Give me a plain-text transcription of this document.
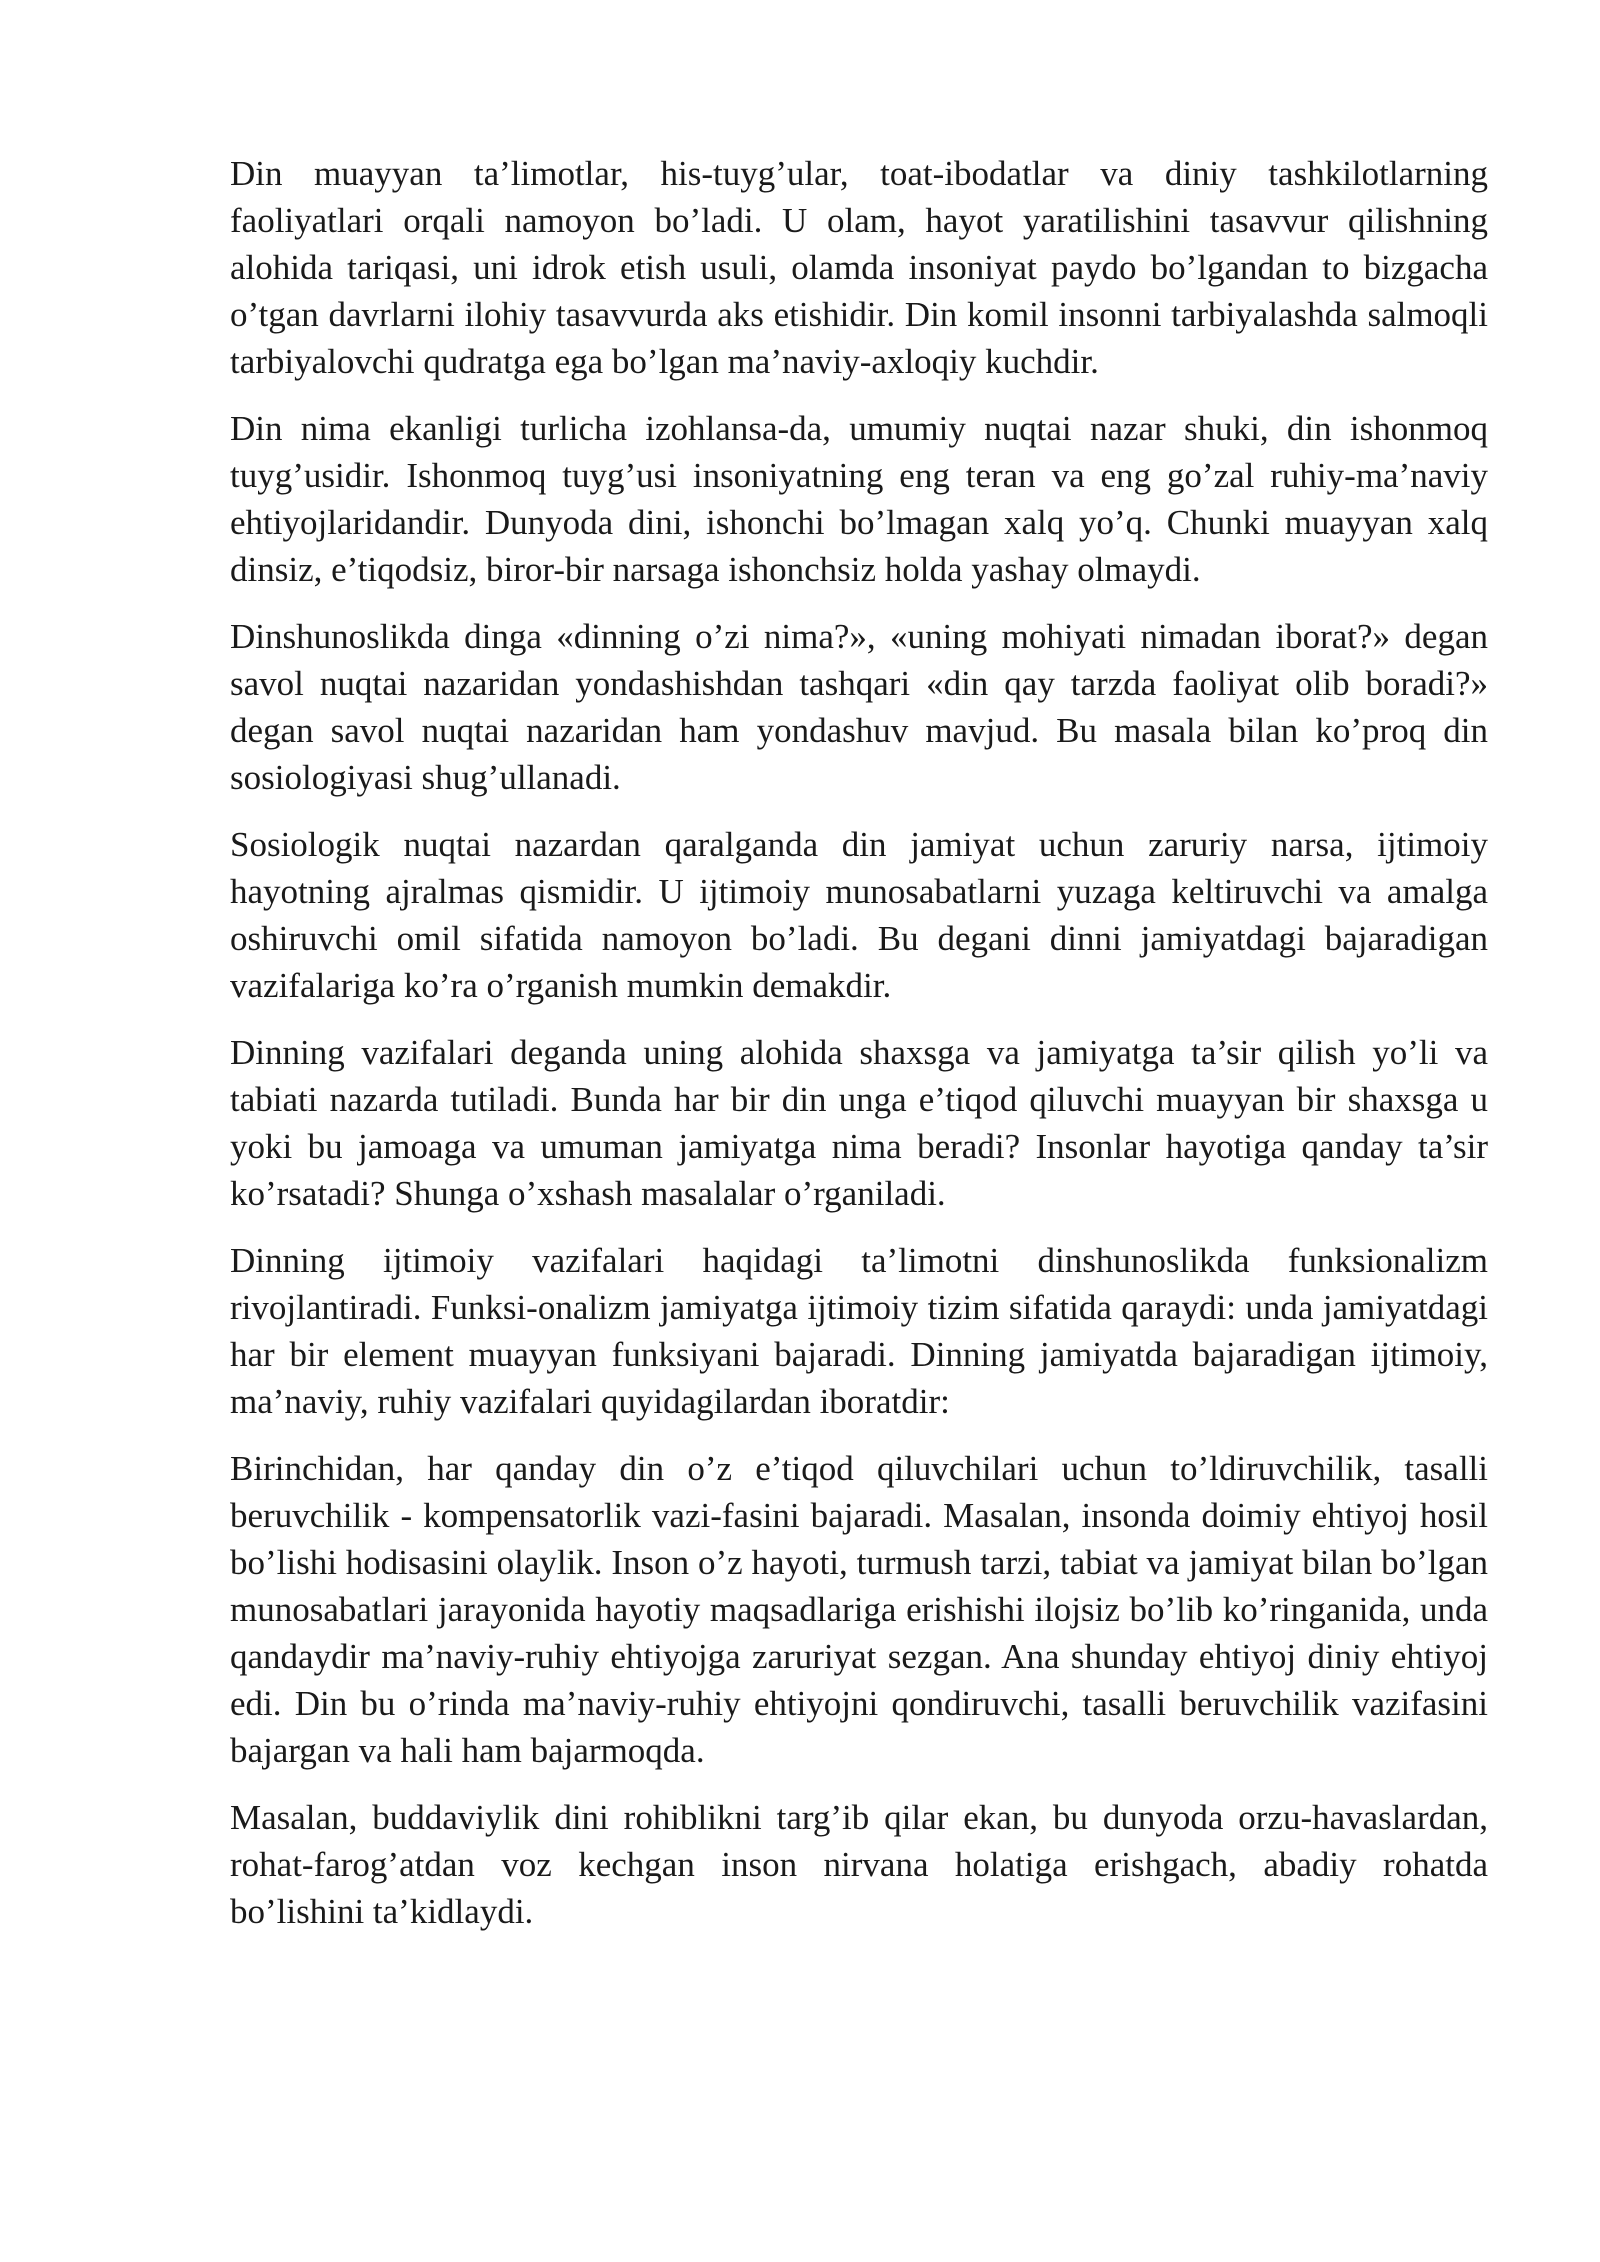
Din muayyan ta’limotlar, his-tuyg’ular, toat-ibodatlar va diniy tashkilotlarning faoliyatlari orqali namoyon bo’ladi. U olam, hayot yaratilishini tasavvur qilishning alohida tariqasi, uni idrok etish usuli, olamda insoniyat paydo bo’lgandan to bizgacha o’tgan davrlarni ilohiy tasavvurda aks etishidir. Din komil insonni tarbiyalashda salmoqli tarbiyalovchi qudratga ega bo’lgan ma’naviy-axloqiy kuchdir.

Din nima ekanligi turlicha izohlansa-da, umumiy nuqtai nazar shuki, din ishonmoq tuyg’usidir. Ishonmoq tuyg’usi insoniyatning eng teran va eng go’zal ruhiy-ma’naviy ehtiyojlaridandir. Dunyoda dini, ishonchi bo’lmagan xalq yo’q. Chunki muayyan xalq dinsiz, e’tiqodsiz, biror-bir narsaga ishonchsiz holda yashay olmaydi.

Dinshunoslikda dinga «dinning o’zi nima?», «uning mohiyati nimadan iborat?» degan savol nuqtai nazaridan yondashishdan tashqari «din qay tarzda faoliyat olib boradi?» degan savol nuqtai nazaridan ham yondashuv mavjud. Bu masala bilan ko’proq din sosiologiyasi shug’ullanadi.

Sosiologik nuqtai nazardan qaralganda din jamiyat uchun zaruriy narsa, ijtimoiy hayotning ajralmas qismidir. U ijtimoiy munosabatlarni yuzaga keltiruvchi va amalga oshiruvchi omil sifatida namoyon bo’ladi. Bu degani dinni jamiyatdagi bajaradigan vazifalariga ko’ra o’rganish mumkin demakdir.

Dinning vazifalari deganda uning alohida shaxsga va jamiyatga ta’sir qilish yo’li va tabiati nazarda tutiladi. Bunda har bir din unga e’tiqod qiluvchi muayyan bir shaxsga u yoki bu jamoaga va umuman jamiyatga nima beradi? Insonlar hayotiga qanday ta’sir ko’rsatadi? Shunga o’xshash masalalar o’rganiladi.

Dinning ijtimoiy vazifalari haqidagi ta’limotni dinshunoslikda funksionalizm rivojlantiradi. Funksi-onalizm jamiyatga ijtimoiy tizim sifatida qaraydi: unda jamiyatdagi har bir element muayyan funksiyani bajaradi. Dinning jamiyatda bajaradigan ijtimoiy, ma’naviy, ruhiy vazifalari quyidagilardan iboratdir:

Birinchidan, har qanday din o’z e’tiqod qiluvchilari uchun to’ldiruvchilik, tasalli beruvchilik - kompensatorlik vazi-fasini bajaradi. Masalan, insonda doimiy ehtiyoj hosil bo’lishi hodisasini olaylik. Inson o’z hayoti, turmush tarzi, tabiat va jamiyat bilan bo’lgan munosabatlari jarayonida hayotiy maqsadlariga erishishi ilojsiz bo’lib ko’ringanida, unda qandaydir ma’naviy-ruhiy ehtiyojga zaruriyat sezgan. Ana shunday ehtiyoj diniy ehtiyoj edi. Din bu o’rinda ma’naviy-ruhiy ehtiyojni qondiruvchi, tasalli beruvchilik vazifasini bajargan va hali ham bajarmoqda.

Masalan, buddaviylik dini rohiblikni targ’ib qilar ekan, bu dunyoda orzu-havaslardan, rohat-farog’atdan voz kechgan inson nirvana holatiga erishgach, abadiy rohatda bo’lishini ta’kidlaydi.
